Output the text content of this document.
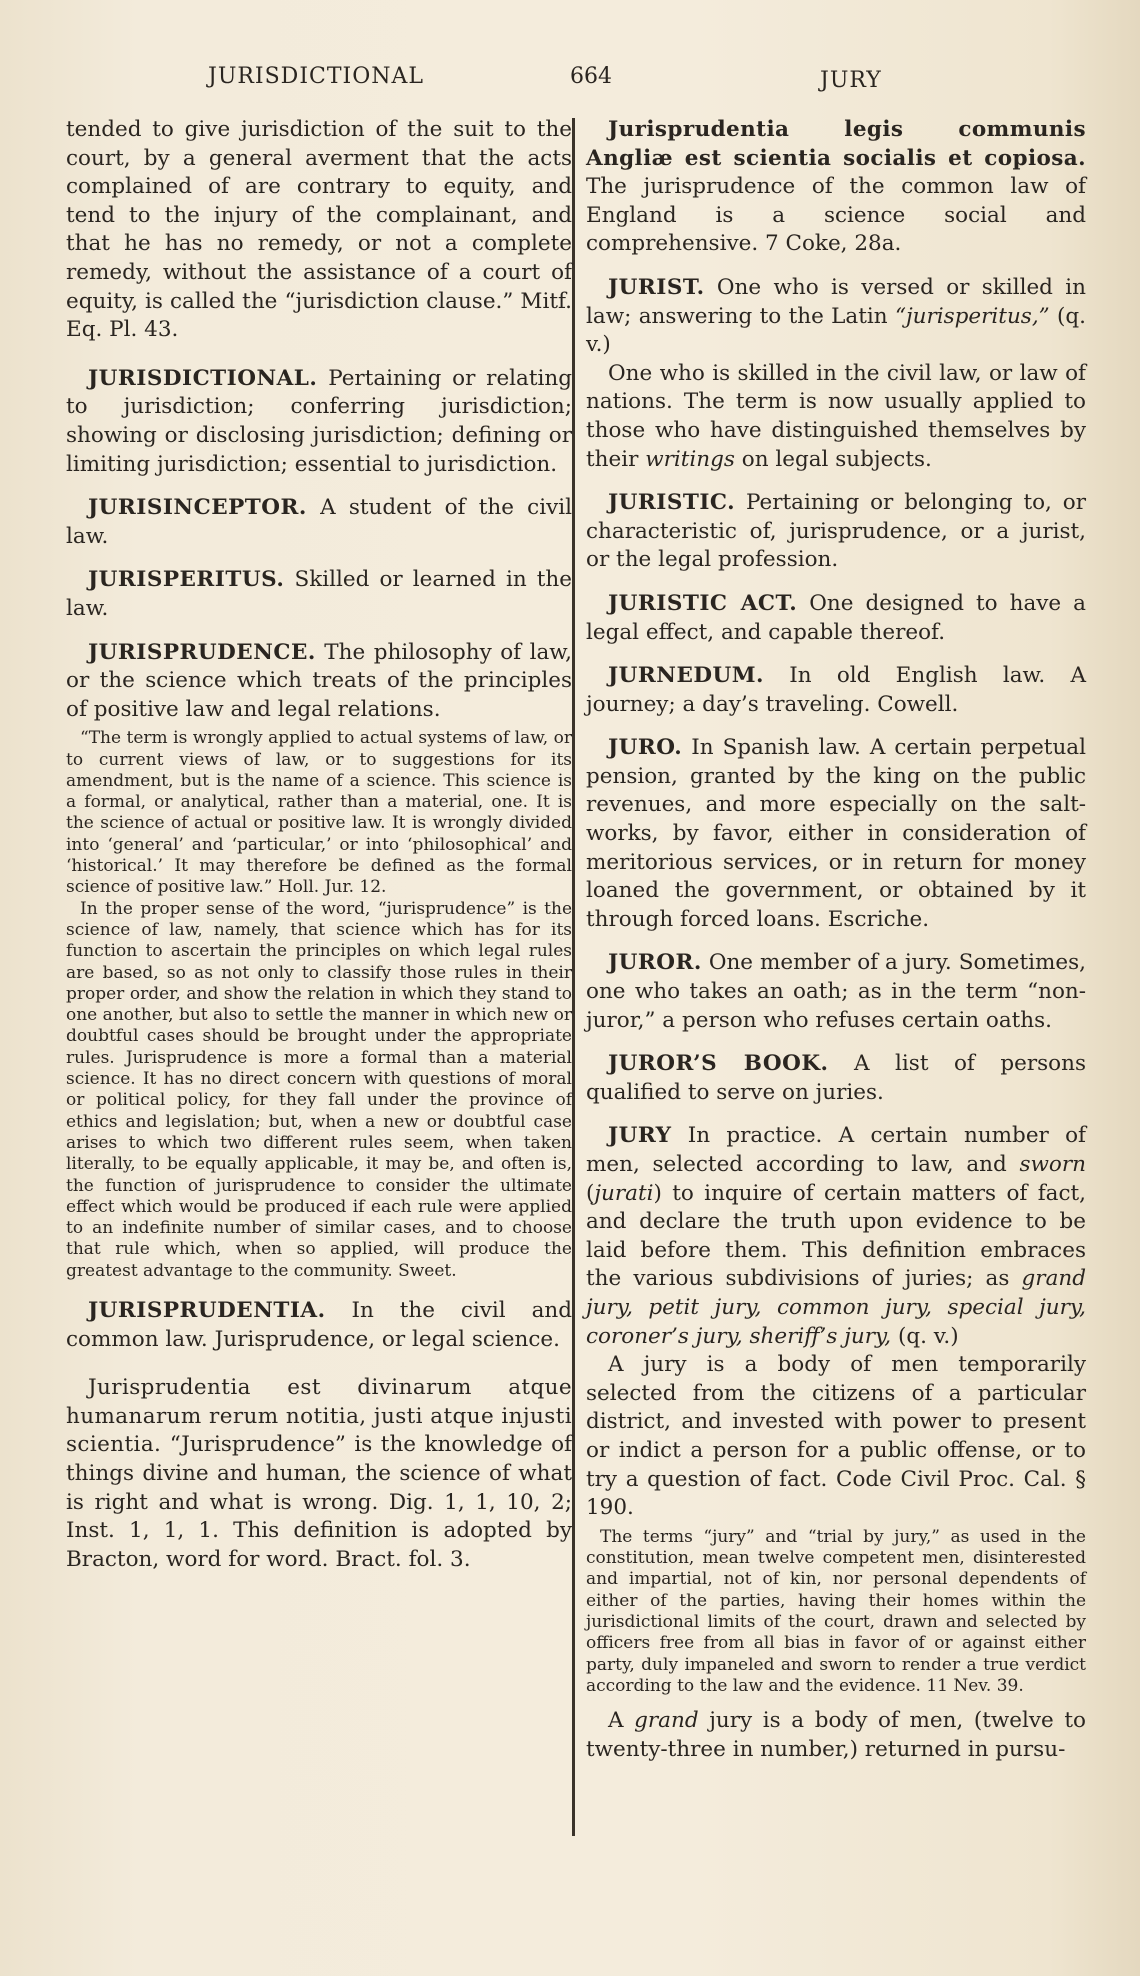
JURISDICTIONAL	664	JURY

tended to give jurisdiction of the suit to the court, by a general averment that the acts complained of are contrary to equity, and tend to the injury of the complainant, and that he has no remedy, or not a complete remedy, without the assistance of a court of equity, is called the “jurisdiction clause.” Mitf. Eq. Pl. 43.

JURISDICTIONAL. Pertaining or relating to jurisdiction; conferring jurisdiction; showing or disclosing jurisdiction; defining or limiting jurisdiction; essential to jurisdiction.

JURISINCEPTOR. A student of the civil law.

JURISPERITUS. Skilled or learned in the law.

JURISPRUDENCE. The philosophy of law, or the science which treats of the principles of positive law and legal relations.

“The term is wrongly applied to actual systems of law, or to current views of law, or to suggestions for its amendment, but is the name of a science. This science is a formal, or analytical, rather than a material, one. It is the science of actual or positive law. It is wrongly divided into ‘general’ and ‘particular,’ or into ‘philosophical’ and ‘historical.’ It may therefore be defined as the formal science of positive law.” Holl. Jur. 12.

In the proper sense of the word, “jurisprudence” is the science of law, namely, that science which has for its function to ascertain the principles on which legal rules are based, so as not only to classify those rules in their proper order, and show the relation in which they stand to one another, but also to settle the manner in which new or doubtful cases should be brought under the appropriate rules. Jurisprudence is more a formal than a material science. It has no direct concern with questions of moral or political policy, for they fall under the province of ethics and legislation; but, when a new or doubtful case arises to which two different rules seem, when taken literally, to be equally applicable, it may be, and often is, the function of jurisprudence to consider the ultimate effect which would be produced if each rule were applied to an indefinite number of similar cases, and to choose that rule which, when so applied, will produce the greatest advantage to the community. Sweet.

JURISPRUDENTIA. In the civil and common law. Jurisprudence, or legal science.

Jurisprudentia est divinarum atque humanarum rerum notitia, justi atque injusti scientia. “Jurisprudence” is the knowledge of things divine and human, the science of what is right and what is wrong. Dig. 1, 1, 10, 2; Inst. 1, 1, 1. This definition is adopted by Bracton, word for word. Bract. fol. 3.

Jurisprudentia legis communis Angliæ est scientia socialis et copiosa. The jurisprudence of the common law of England is a science social and comprehensive. 7 Coke, 28a.

JURIST. One who is versed or skilled in law; answering to the Latin “jurisperitus,” (q. v.)

One who is skilled in the civil law, or law of nations. The term is now usually applied to those who have distinguished themselves by their writings on legal subjects.

JURISTIC. Pertaining or belonging to, or characteristic of, jurisprudence, or a jurist, or the legal profession.

JURISTIC ACT. One designed to have a legal effect, and capable thereof.

JURNEDUM. In old English law. A journey; a day’s traveling. Cowell.

JURO. In Spanish law. A certain perpetual pension, granted by the king on the public revenues, and more especially on the salt-works, by favor, either in consideration of meritorious services, or in return for money loaned the government, or obtained by it through forced loans. Escriche.

JUROR. One member of a jury. Sometimes, one who takes an oath; as in the term “non-juror,” a person who refuses certain oaths.

JUROR’S BOOK. A list of persons qualified to serve on juries.

JURY In practice. A certain number of men, selected according to law, and sworn (jurati) to inquire of certain matters of fact, and declare the truth upon evidence to be laid before them. This definition embraces the various subdivisions of juries; as grand jury, petit jury, common jury, special jury, coroner’s jury, sheriff’s jury, (q. v.)

A jury is a body of men temporarily selected from the citizens of a particular district, and invested with power to present or indict a person for a public offense, or to try a question of fact. Code Civil Proc. Cal. § 190.

The terms “jury” and “trial by jury,” as used in the constitution, mean twelve competent men, disinterested and impartial, not of kin, nor personal dependents of either of the parties, having their homes within the jurisdictional limits of the court, drawn and selected by officers free from all bias in favor of or against either party, duly impaneled and sworn to render a true verdict according to the law and the evidence. 11 Nev. 39.

A grand jury is a body of men, (twelve to twenty-three in number,) returned in pursu-
